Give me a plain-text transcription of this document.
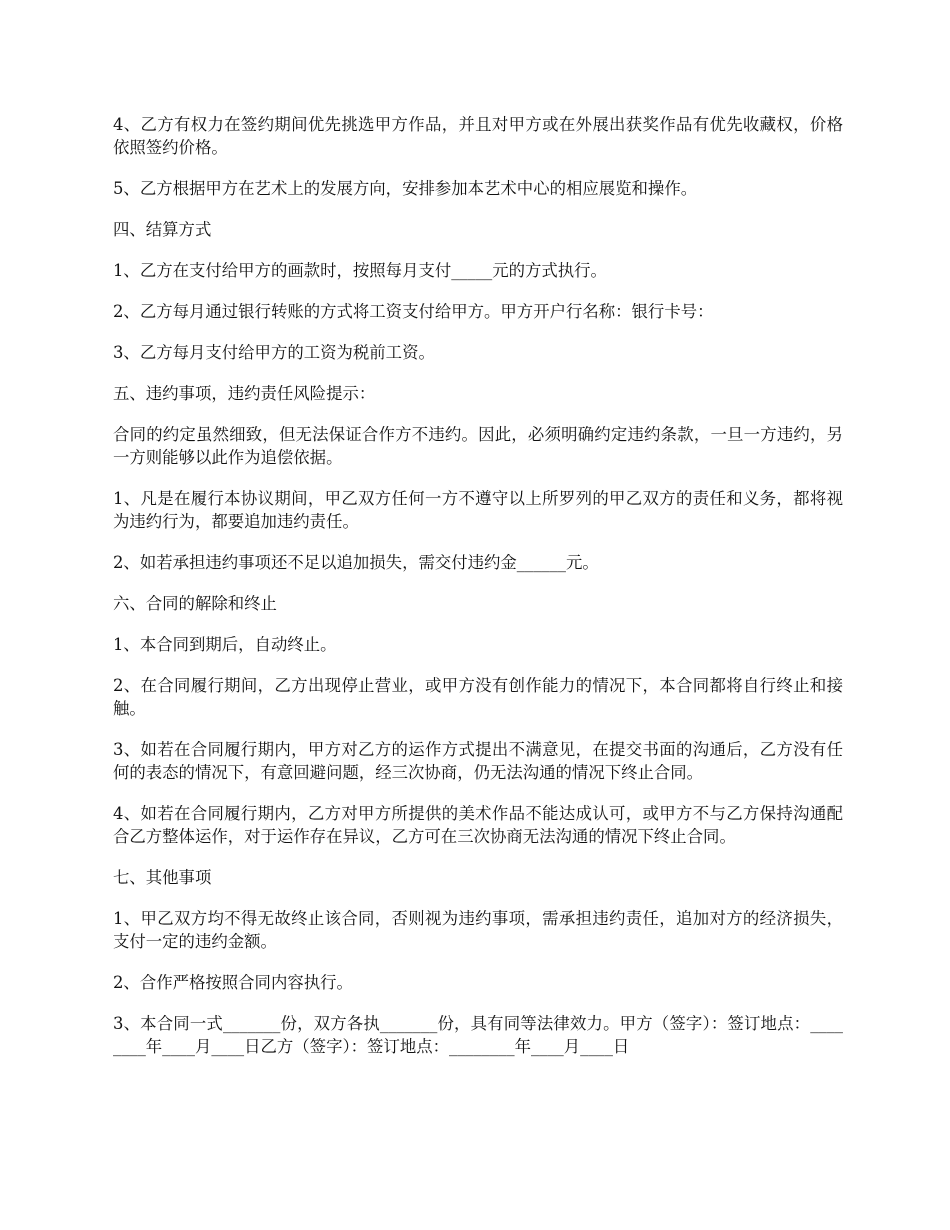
4、乙方有权力在签约期间优先挑选甲方作品，并且对甲方或在外展出获奖作品有优先收藏权，价格依照签约价格。

5、乙方根据甲方在艺术上的发展方向，安排参加本艺术中心的相应展览和操作。

四、结算方式

1、乙方在支付给甲方的画款时，按照每月支付_____元的方式执行。

2、乙方每月通过银行转账的方式将工资支付给甲方。甲方开户行名称：银行卡号：

3、乙方每月支付给甲方的工资为税前工资。

五、违约事项，违约责任风险提示：

合同的约定虽然细致，但无法保证合作方不违约。因此，必须明确约定违约条款，一旦一方违约，另一方则能够以此作为追偿依据。

1、凡是在履行本协议期间，甲乙双方任何一方不遵守以上所罗列的甲乙双方的责任和义务，都将视为违约行为，都要追加违约责任。

2、如若承担违约事项还不足以追加损失，需交付违约金______元。

六、合同的解除和终止

1、本合同到期后，自动终止。

2、在合同履行期间，乙方出现停止营业，或甲方没有创作能力的情况下，本合同都将自行终止和接触。

3、如若在合同履行期内，甲方对乙方的运作方式提出不满意见，在提交书面的沟通后，乙方没有任何的表态的情况下，有意回避问题，经三次协商，仍无法沟通的情况下终止合同。

4、如若在合同履行期内，乙方对甲方所提供的美术作品不能达成认可，或甲方不与乙方保持沟通配合乙方整体运作，对于运作存在异议，乙方可在三次协商无法沟通的情况下终止合同。

七、其他事项

1、甲乙双方均不得无故终止该合同，否则视为违约事项，需承担违约责任，追加对方的经济损失，支付一定的违约金额。

2、合作严格按照合同内容执行。

3、本合同一式_______份，双方各执_______份，具有同等法律效力。甲方（签字）：签订地点：________年____月____日乙方（签字）：签订地点：________年____月____日
